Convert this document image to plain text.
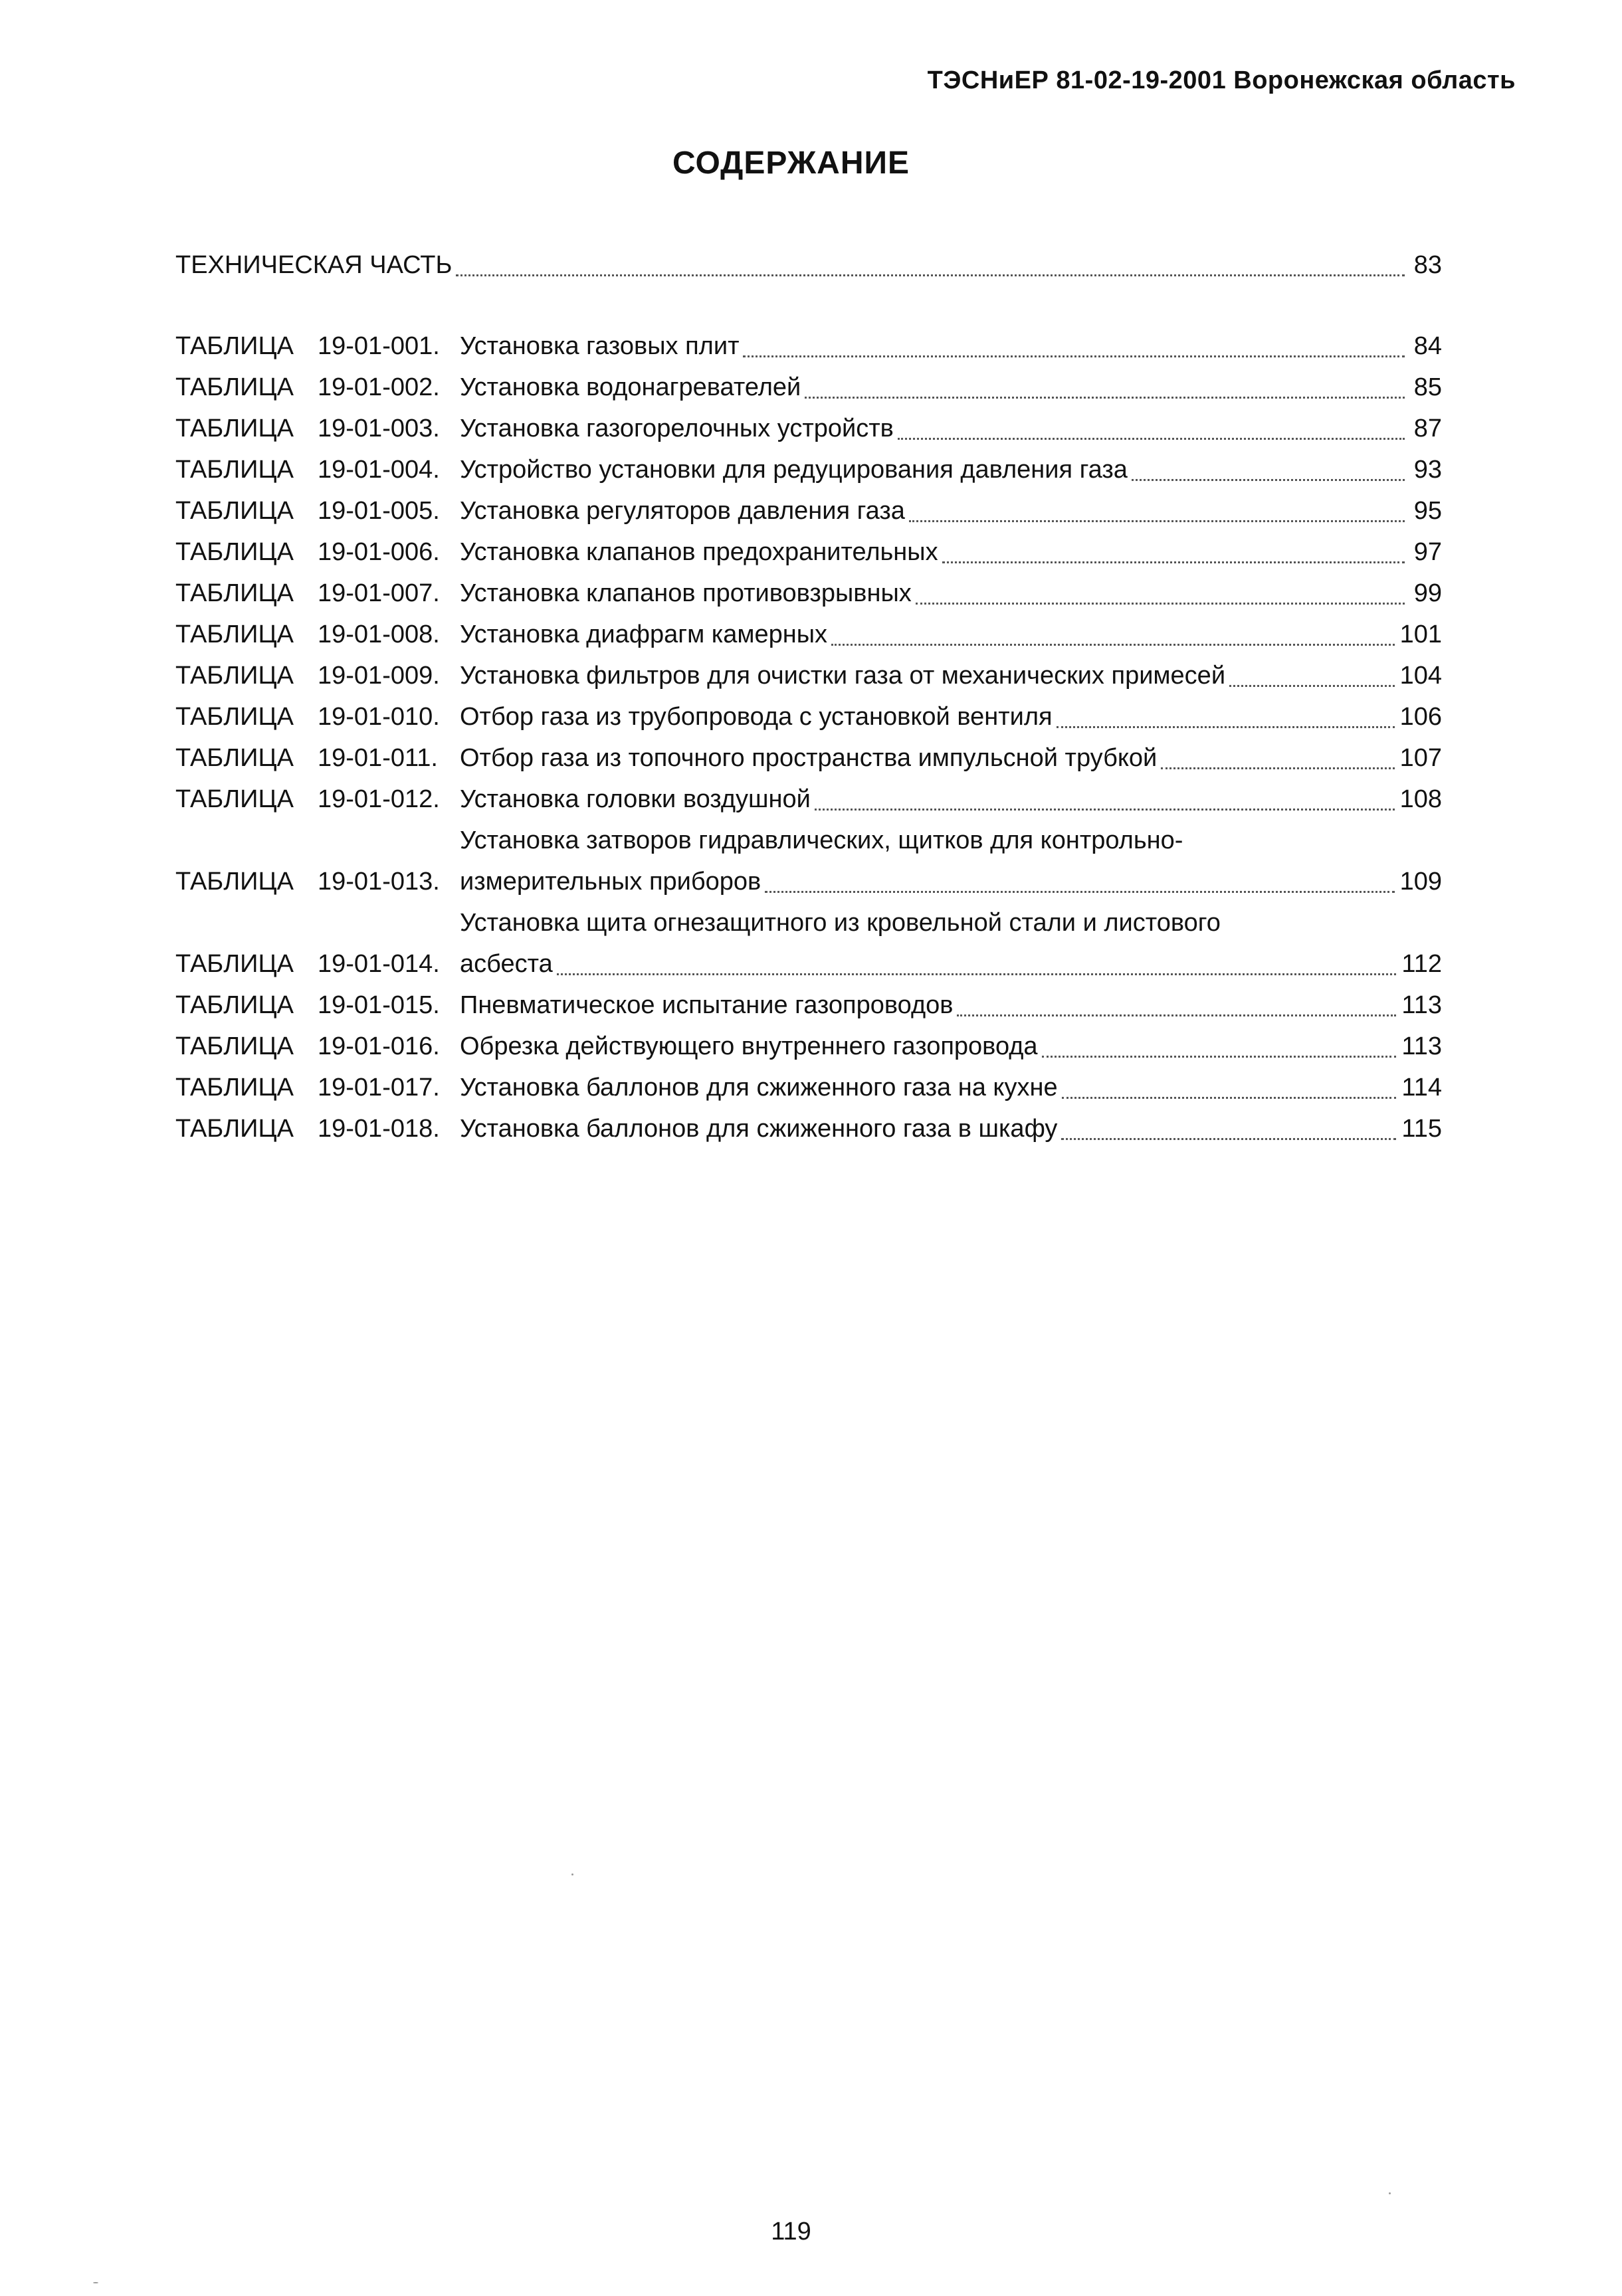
ТЭСНиЕР 81-02-19-2001 Воронежская область
СОДЕРЖАНИЕ
ТЕХНИЧЕСКАЯ ЧАСТЬ	83
ТАБЛИЦА 19-01-001. Установка газовых плит	84
ТАБЛИЦА 19-01-002. Установка водонагревателей	85
ТАБЛИЦА 19-01-003. Установка газогорелочных устройств	87
ТАБЛИЦА 19-01-004. Устройство установки для редуцирования давления газа	93
ТАБЛИЦА 19-01-005. Установка регуляторов давления газа	95
ТАБЛИЦА 19-01-006. Установка клапанов предохранительных	97
ТАБЛИЦА 19-01-007. Установка клапанов противовзрывных	99
ТАБЛИЦА 19-01-008. Установка диафрагм камерных	101
ТАБЛИЦА 19-01-009. Установка фильтров для очистки газа от механических примесей	104
ТАБЛИЦА 19-01-010. Отбор газа из трубопровода с установкой вентиля	106
ТАБЛИЦА 19-01-011. Отбор газа из топочного пространства импульсной трубкой	107
ТАБЛИЦА 19-01-012. Установка головки воздушной	108
ТАБЛИЦА 19-01-013.
Установка затворов гидравлических, щитков для контрольно-
измерительных приборов	109
ТАБЛИЦА 19-01-014.
Установка щита огнезащитного из кровельной стали и листового
асбеста	112
ТАБЛИЦА 19-01-015. Пневматическое испытание газопроводов	113
ТАБЛИЦА 19-01-016. Обрезка действующего внутреннего газопровода	113
ТАБЛИЦА 19-01-017. Установка баллонов для сжиженного газа на кухне	114
ТАБЛИЦА 19-01-018. Установка баллонов для сжиженного газа в шкафу	115
119
